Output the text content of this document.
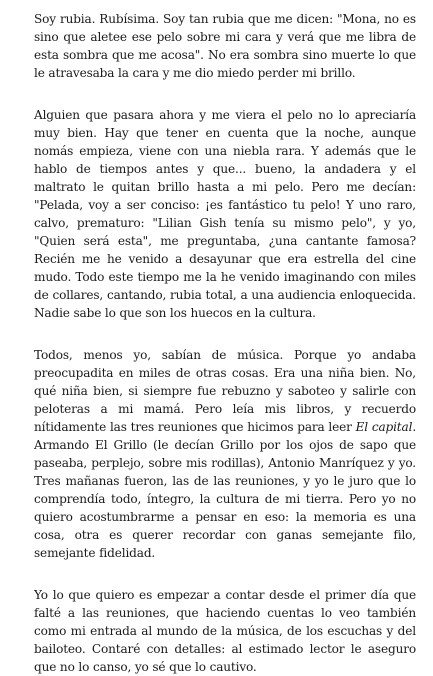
Soy rubia. Rubísima. Soy tan rubia que me dicen: "Mona, no es sino que aletee ese pelo sobre mi cara y verá que me libra de esta sombra que me acosa". No era sombra sino muerte lo que le atravesaba la cara y me dio miedo perder mi brillo.

Alguien que pasara ahora y me viera el pelo no lo apreciaría muy bien. Hay que tener en cuenta que la noche, aunque nomás empieza, viene con una niebla rara. Y además que le hablo de tiempos antes y que... bueno, la andadera y el maltrato le quitan brillo hasta a mi pelo. Pero me decían: "Pelada, voy a ser conciso: ¡es fantástico tu pelo! Y uno raro, calvo, prematuro: "Lilian Gish tenía su mismo pelo", y yo, "Quien será esta", me preguntaba, ¿una cantante famosa? Recién me he venido a desayunar que era estrella del cine mudo. Todo este tiempo me la he venido imaginando con miles de collares, cantando, rubia total, a una audiencia enloquecida. Nadie sabe lo que son los huecos en la cultura.

Todos, menos yo, sabían de música. Porque yo andaba preocupadita en miles de otras cosas. Era una niña bien. No, qué niña bien, si siempre fue rebuzno y saboteo y salirle con peloteras a mi mamá. Pero leía mis libros, y recuerdo nítidamente las tres reuniones que hicimos para leer El capital. Armando El Grillo (le decían Grillo por los ojos de sapo que paseaba, perplejo, sobre mis rodillas), Antonio Manríquez y yo. Tres mañanas fueron, las de las reuniones, y yo le juro que lo comprendía todo, íntegro, la cultura de mi tierra. Pero yo no quiero acostumbrarme a pensar en eso: la memoria es una cosa, otra es querer recordar con ganas semejante filo, semejante fidelidad.

Yo lo que quiero es empezar a contar desde el primer día que falté a las reuniones, que haciendo cuentas lo veo también como mi entrada al mundo de la música, de los escuchas y del bailoteo. Contaré con detalles: al estimado lector le aseguro que no lo canso, yo sé que lo cautivo.
